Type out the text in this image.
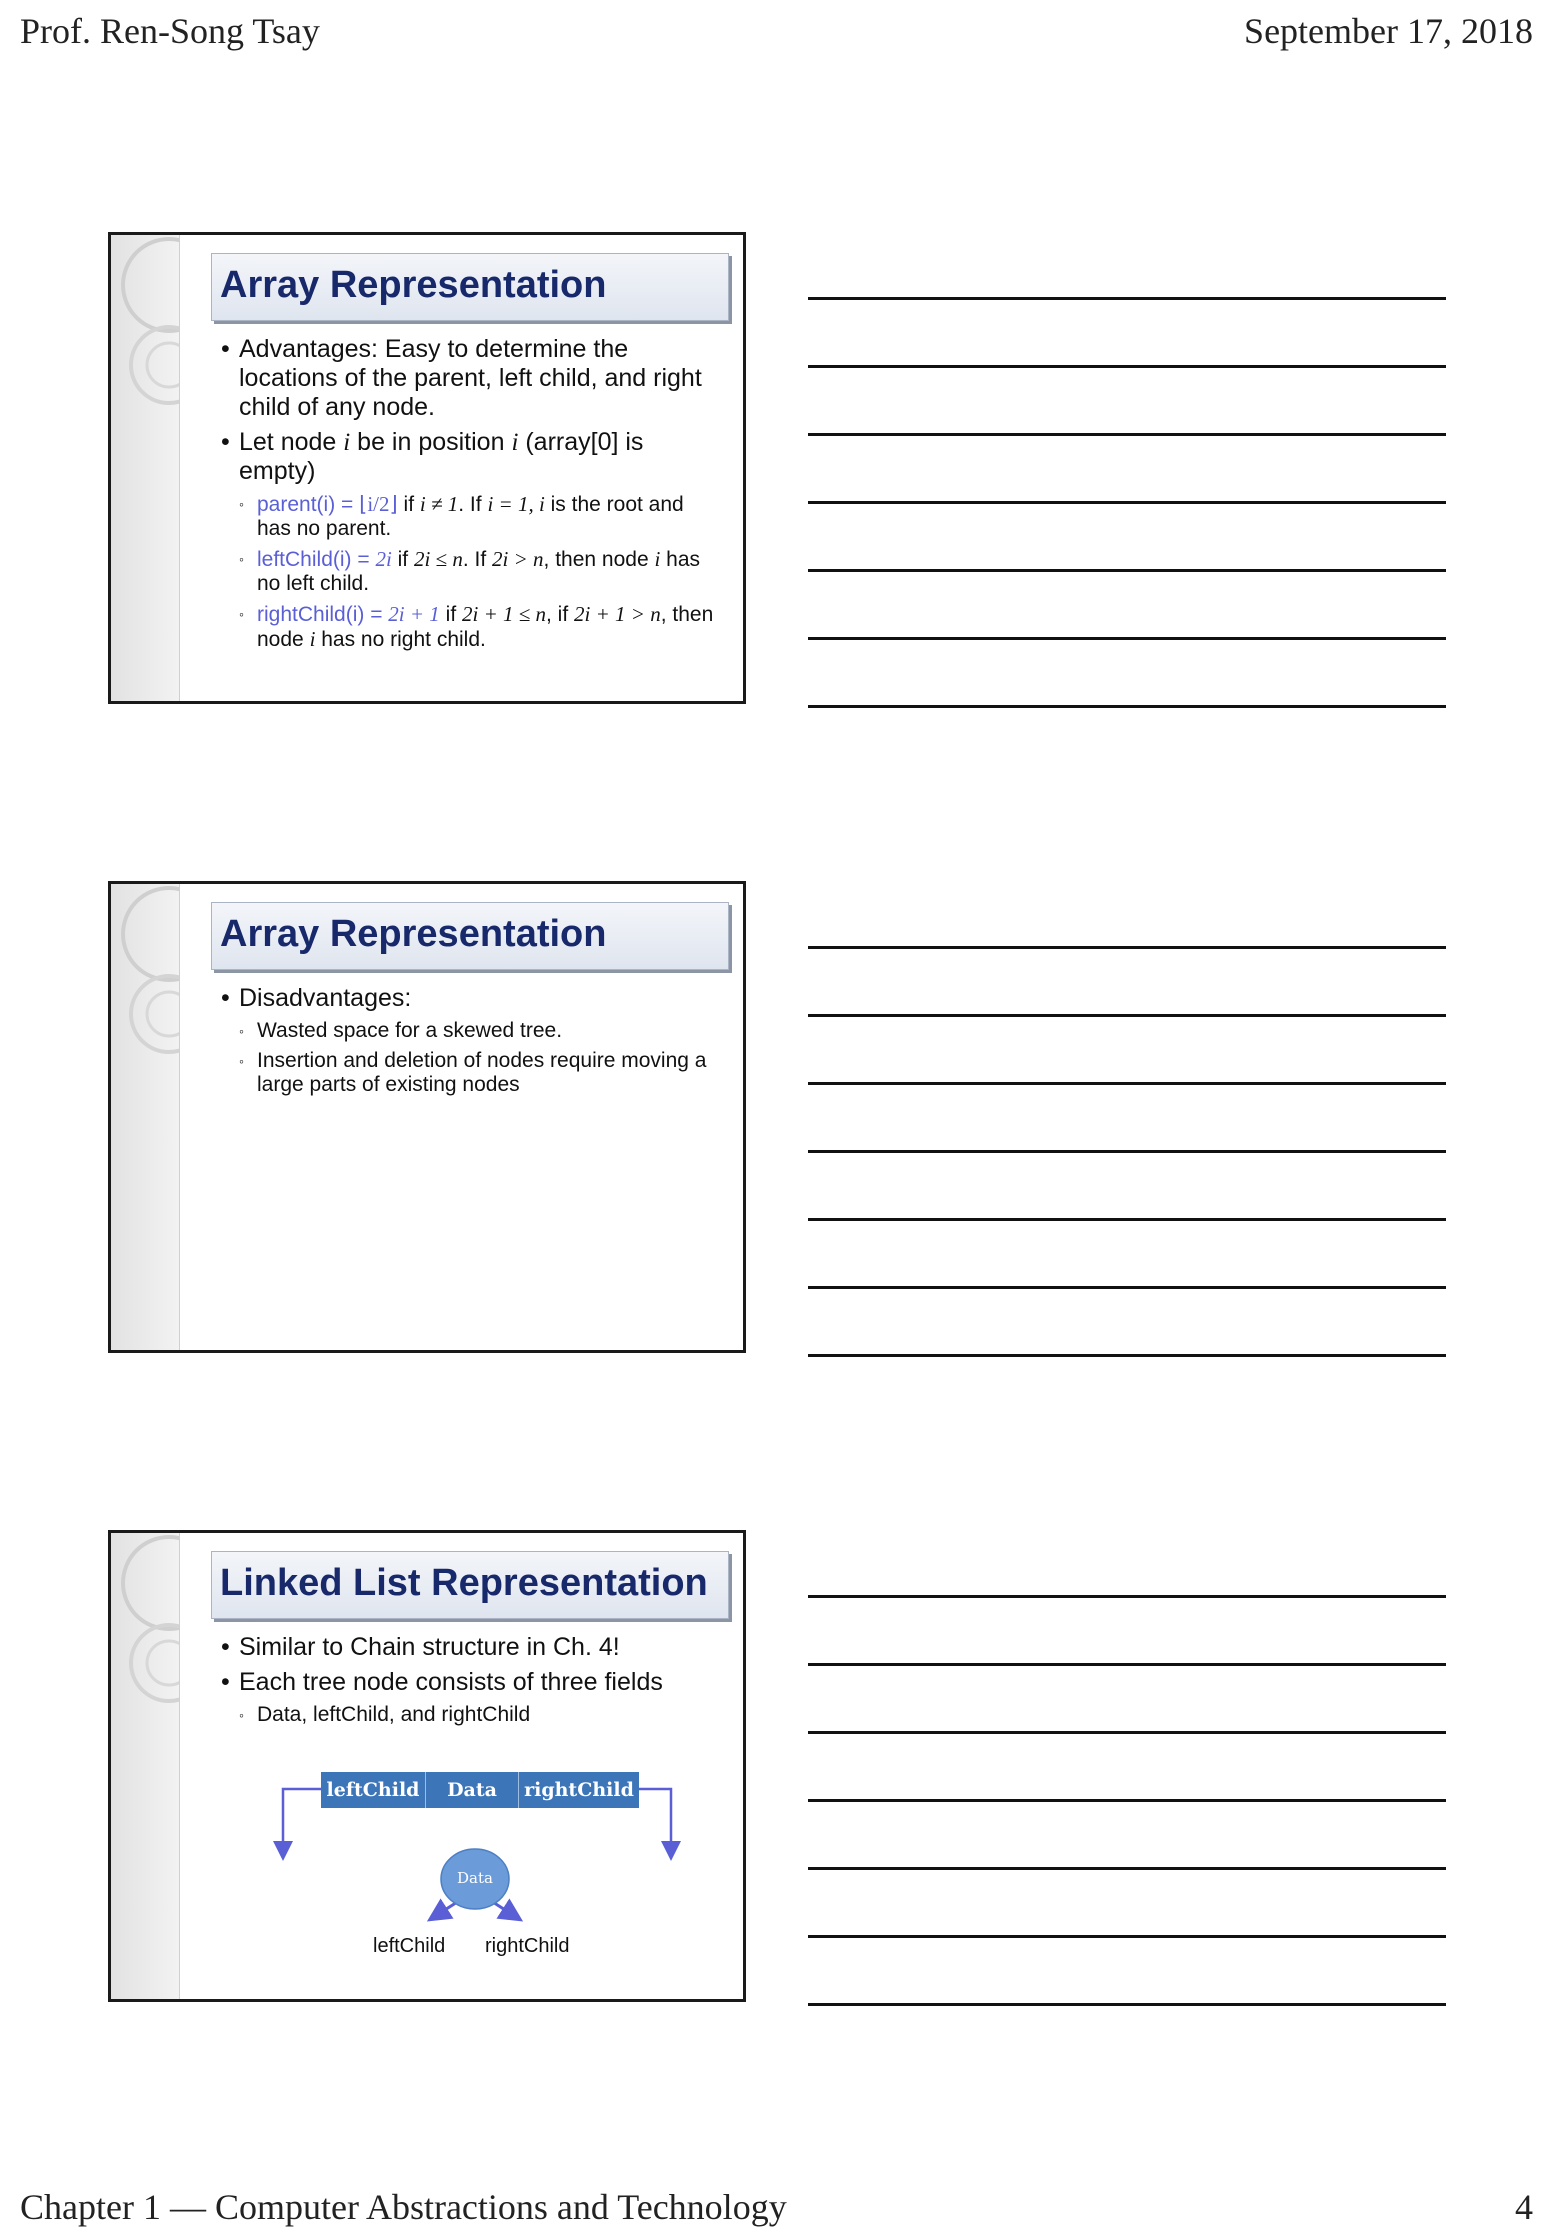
Prof. Ren-Song Tsay	September 17, 2018
Array Representation
• Advantages: Easy to determine the locations of the parent, left child, and right child of any node.
• Let node i be in position i (array[0] is empty)
◦ parent(i) = ⌊i/2⌋ if i ≠ 1. If i = 1, i is the root and has no parent.
◦ leftChild(i) = 2i if 2i ≤ n. If 2i > n, then node i has no left child.
◦ rightChild(i) = 2i + 1 if 2i + 1 ≤ n, if 2i + 1 > n, then node i has no right child.
Array Representation
• Disadvantages:
◦ Wasted space for a skewed tree.
◦ Insertion and deletion of nodes require moving a large parts of existing nodes
Linked List Representation
• Similar to Chain structure in Ch. 4!
• Each tree node consists of three fields
◦ Data, leftChild, and rightChild
leftChild	Data	rightChild
Data
leftChild rightChild
Chapter 1 — Computer Abstractions and Technology	4
